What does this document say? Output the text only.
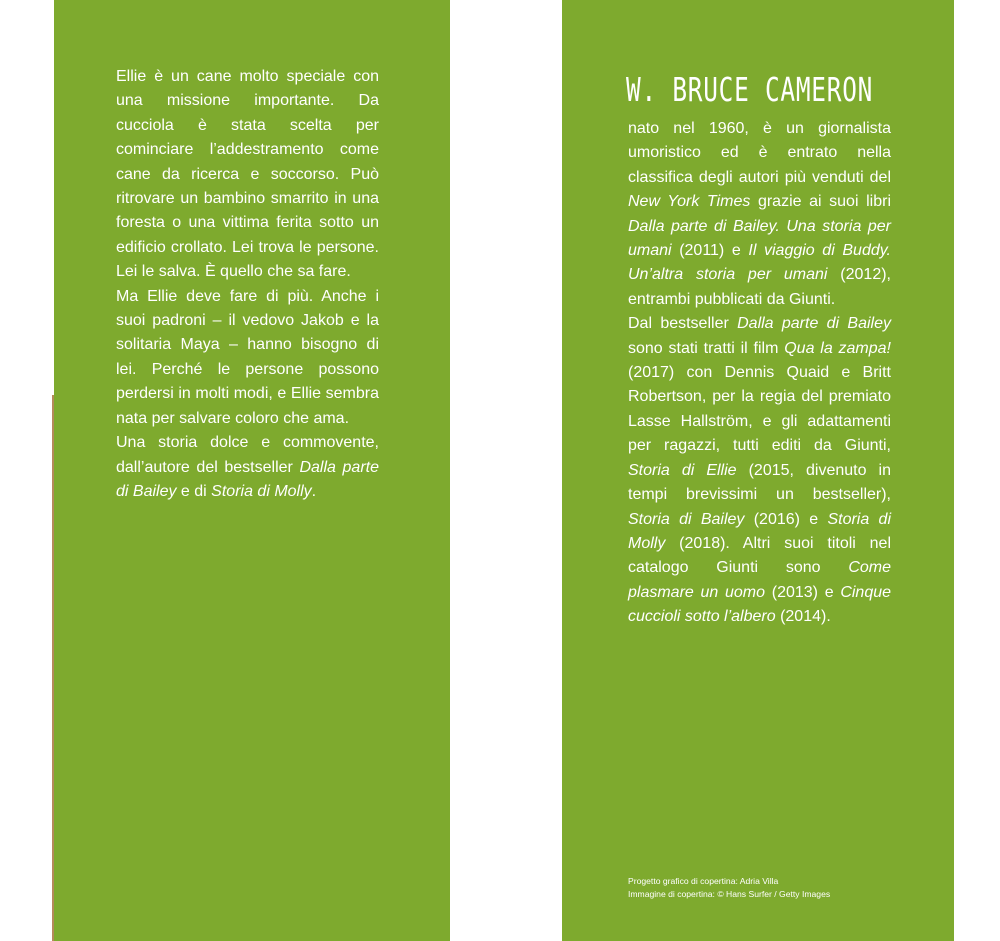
Ellie è un cane molto speciale con una missione importante. Da cucciola è stata scelta per cominciare l’addestramento come cane da ricerca e soccorso. Può ritrovare un bambino smarrito in una foresta o una vittima ferita sotto un edificio crollato. Lei trova le persone. Lei le salva. È quello che sa fare.

Ma Ellie deve fare di più. Anche i suoi padroni – il vedovo Jakob e la solitaria Maya – hanno bisogno di lei. Perché le persone possono perdersi in molti modi, e Ellie sembra nata per salvare coloro che ama.

Una storia dolce e commovente, dall’autore del bestseller Dalla parte di Bailey e di Storia di Molly.

W. BRUCE CAMERON

nato nel 1960, è un giornalista umoristico ed è entrato nella classifica degli autori più venduti del New York Times grazie ai suoi libri Dalla parte di Bailey. Una storia per umani (2011) e Il viaggio di Buddy. Un’altra storia per umani (2012), entrambi pubblicati da Giunti.

Dal bestseller Dalla parte di Bailey sono stati tratti il film Qua la zampa! (2017) con Dennis Quaid e Britt Robertson, per la regia del premiato Lasse Hallström, e gli adattamenti per ragazzi, tutti editi da Giunti, Storia di Ellie (2015, divenuto in tempi brevissimi un bestseller), Storia di Bailey (2016) e Storia di Molly (2018). Altri suoi titoli nel catalogo Giunti sono Come plasmare un uomo (2013) e Cinque cuccioli sotto l’albero (2014).

Progetto grafico di copertina: Adria Villa
Immagine di copertina: © Hans Surfer / Getty Images
